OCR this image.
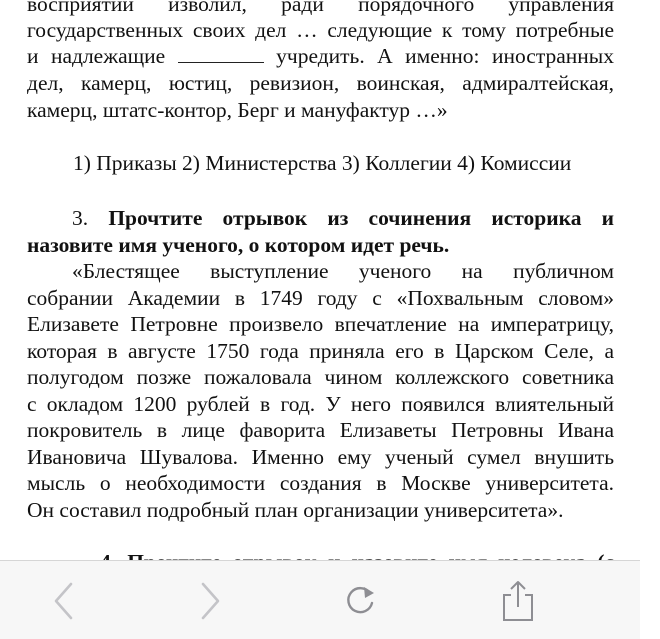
восприятии изволил, ради порядочного управления
государственных своих дел … следующие к тому потребные
и надлежащие	учредить. А именно: иностранных
дел, камерц, юстиц, ревизион, воинская, адмиралтейская,
камерц, штатс-контор, Берг и мануфактур …»
1) Приказы 2) Министерства 3) Коллегии 4) Комиссии
3. Прочтите отрывок из сочинения историка и
назовите имя ученого, о котором идет речь.
«Блестящее выступление ученого на публичном
собрании Академии в 1749 году с «Похвальным словом»
Елизавете Петровне произвело впечатление на императрицу,
которая в августе 1750 года приняла его в Царском Селе, а
полугодом позже пожаловала чином коллежского советника
с окладом 1200 рублей в год. У него появился влиятельный
покровитель в лице фаворита Елизаветы Петровны Ивана
Ивановича Шувалова. Именно ему ученый сумел внушить
мысль о необходимости создания в Москве университета.
Он составил подробный план организации университета».
